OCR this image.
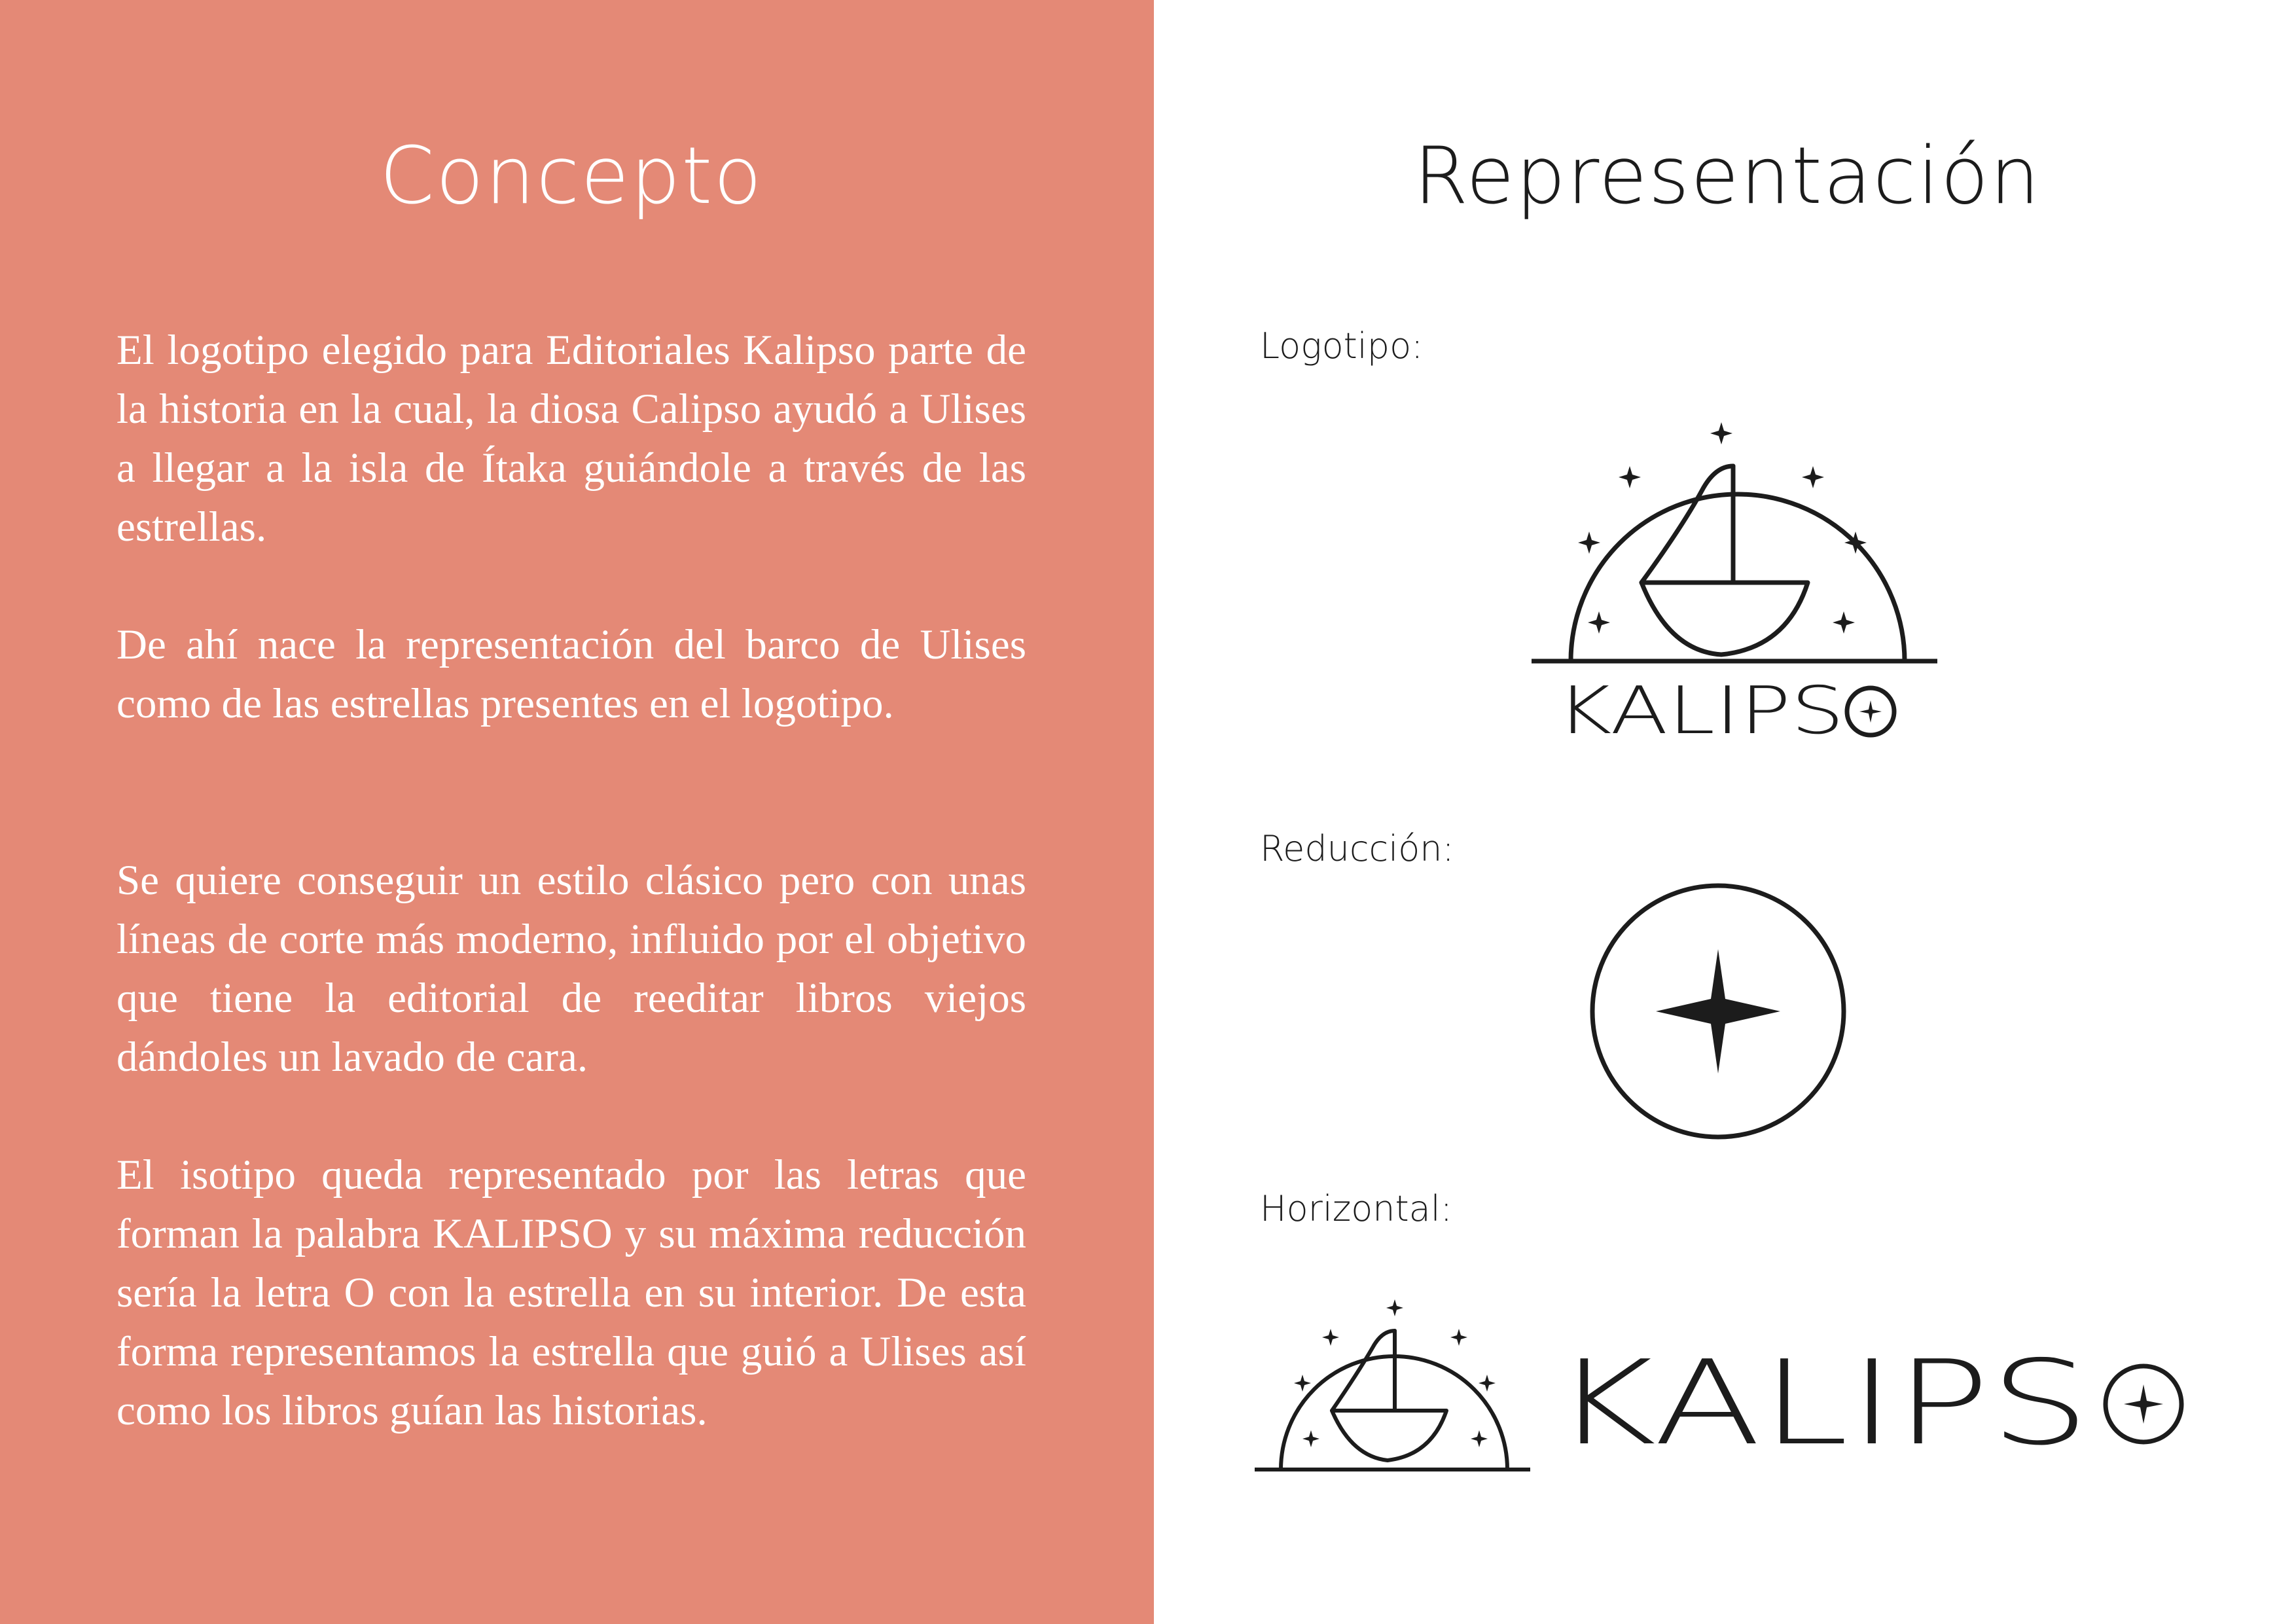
Concepto

El logotipo elegido para Editoriales Kalipso parte de la historia en la cual, la diosa Calipso ayudó a Ulises a llegar a la isla de Ítaka guiándole a través de las estrellas.

De ahí nace la representación del barco de Ulises como de las estrellas presentes en el logotipo.

Se quiere conseguir un estilo clásico pero con unas líneas de corte más moderno, influido por el objetivo que tiene la editorial de reeditar libros viejos dándoles un lavado de cara.

El isotipo queda representado por las letras que forman la palabra KALIPSO y su máxima reducción sería la letra O con la estrella en su interior. De esta forma representamos la estrella que guió a Ulises así como los libros guían las historias.

Representación
Logotipo:
Reducción:
Horizontal:
KALIPS
KALIPS
